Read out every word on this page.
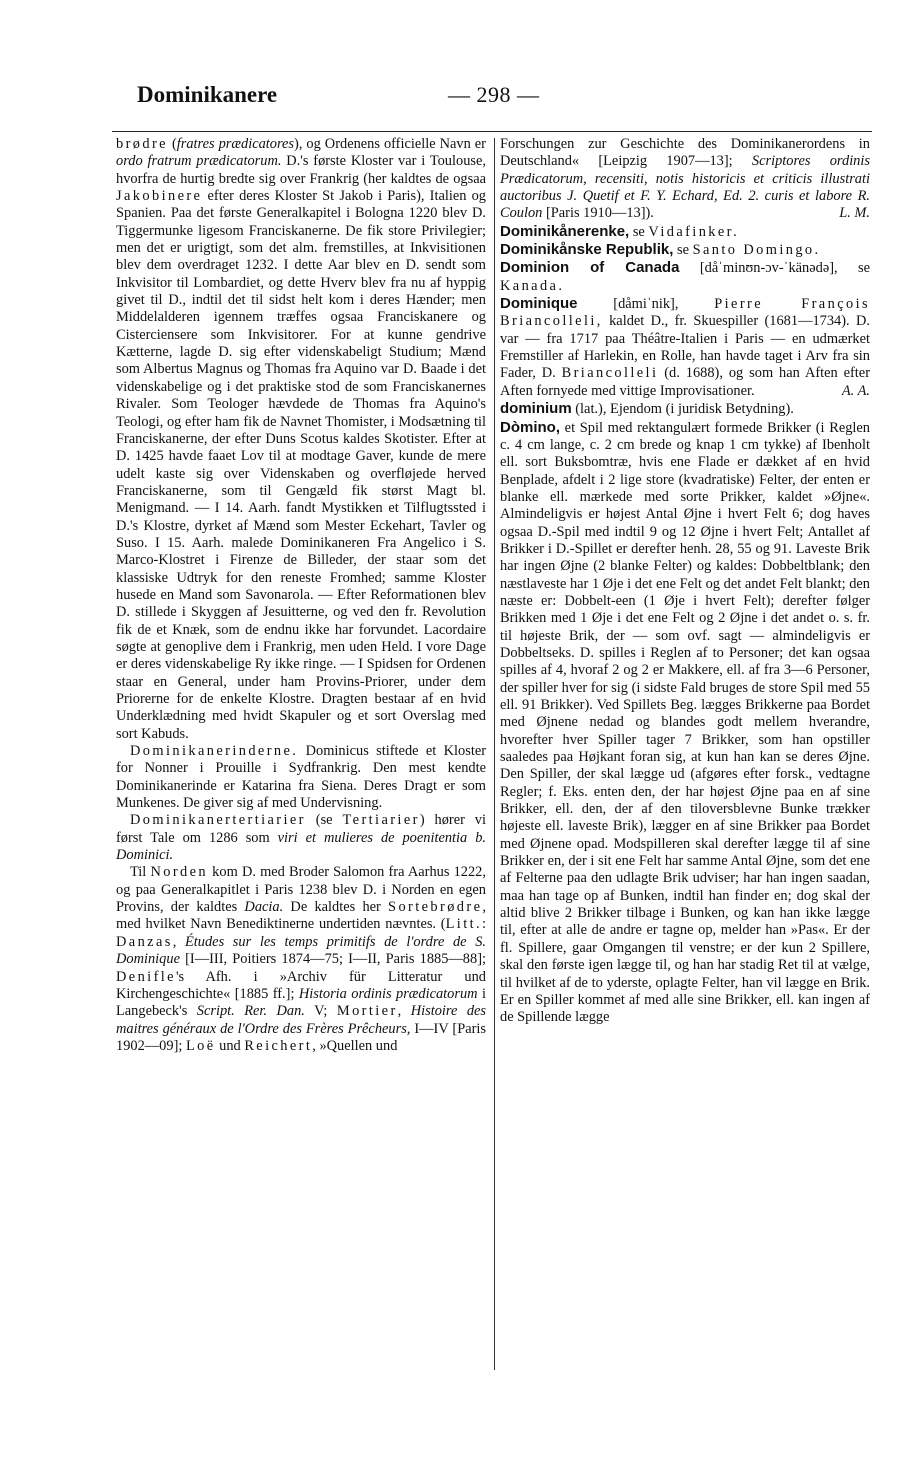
Dominikanere	— 298 —

brødre (fratres prædicatores), og Ordenens officielle Navn er ordo fratrum prædicatorum. D.'s første Kloster var i Toulouse, hvorfra de hurtig bredte sig over Frankrig (her kaldtes de ogsaa Jakobinere efter deres Kloster St Jakob i Paris), Italien og Spanien. Paa det første Generalkapitel i Bologna 1220 blev D. Tiggermunke ligesom Franciskanerne. De fik store Privilegier; men det er urigtigt, som det alm. fremstilles, at Inkvisitionen blev dem overdraget 1232. I dette Aar blev en D. sendt som Inkvisitor til Lombardiet, og dette Hverv blev fra nu af hyppig givet til D., indtil det til sidst helt kom i deres Hænder; men Middelalderen igennem træffes ogsaa Franciskanere og Cisterciensere som Inkvisitorer. For at kunne gendrive Kætterne, lagde D. sig efter videnskabeligt Studium; Mænd som Albertus Magnus og Thomas fra Aquino var D. Baade i det videnskabelige og i det praktiske stod de som Franciskanernes Rivaler. Som Teologer hævdede de Thomas fra Aquino's Teologi, og efter ham fik de Navnet Thomister, i Modsætning til Franciskanerne, der efter Duns Scotus kaldes Skotister. Efter at D. 1425 havde faaet Lov til at modtage Gaver, kunde de mere udelt kaste sig over Videnskaben og overfløjede herved Franciskanerne, som til Gengæld fik størst Magt bl. Menigmand. — I 14. Aarh. fandt Mystikken et Tilflugtssted i D.'s Klostre, dyrket af Mænd som Mester Eckehart, Tavler og Suso. I 15. Aarh. malede Dominikaneren Fra Angelico i S. Marco-Klostret i Firenze de Billeder, der staar som det klassiske Udtryk for den reneste Fromhed; samme Kloster husede en Mand som Savonarola. — Efter Reformationen blev D. stillede i Skyggen af Jesuitterne, og ved den fr. Revolution fik de et Knæk, som de endnu ikke har forvundet. Lacordaire søgte at genoplive dem i Frankrig, men uden Held. I vore Dage er deres videnskabelige Ry ikke ringe. — I Spidsen for Ordenen staar en General, under ham Provins-Priorer, under dem Priorerne for de enkelte Klostre. Dragten bestaar af en hvid Underklædning med hvidt Skapuler og et sort Overslag med sort Kabuds.

Dominikanerinderne. Dominicus stiftede et Kloster for Nonner i Prouille i Sydfrankrig. Den mest kendte Dominikanerinde er Katarina fra Siena. Deres Dragt er som Munkenes. De giver sig af med Undervisning.

Dominikanertertiarier (se Tertiarier) hører vi først Tale om 1286 som viri et mulieres de poenitentia b. Dominici.

Til Norden kom D. med Broder Salomon fra Aarhus 1222, og paa Generalkapitlet i Paris 1238 blev D. i Norden en egen Provins, der kaldtes Dacia. De kaldtes her Sortebrødre, med hvilket Navn Benediktinerne undertiden nævntes. (Litt.: Danzas, Études sur les temps primitifs de l'ordre de S. Dominique [I—III, Poitiers 1874—75; I—II, Paris 1885—88]; Denifle's Afh. i »Archiv für Litteratur und Kirchengeschichte« [1885 ff.]; Historia ordinis prædicatorum i Langebeck's Script. Rer. Dan. V; Mortier, Histoire des maitres généraux de l'Ordre des Frères Prêcheurs, I—IV [Paris 1902—09]; Loë und Reichert, »Quellen und

Forschungen zur Geschichte des Dominikanerordens in Deutschland« [Leipzig 1907—13]; Scriptores ordinis Prædicatorum, recensiti, notis historicis et criticis illustrati auctoribus J. Quetif et F. Y. Echard, Ed. 2. curis et labore R. Coulon [Paris 1910—13]).	L. M.

Dominikånerenke, se Vidafinker.

Dominikånske Republik, se Santo Domingo.

Dominion of Canada [dåˈminʊn-ɔv-ˈkänədə], se Kanada.

Dominique [dåmiˈnik], Pierre François Briancolleli, kaldet D., fr. Skuespiller (1681—1734). D. var — fra 1717 paa Théâtre-Italien i Paris — en udmærket Fremstiller af Harlekin, en Rolle, han havde taget i Arv fra sin Fader, D. Briancolleli (d. 1688), og som han Aften efter Aften fornyede med vittige Improvisationer.	A. A.

dominium (lat.), Ejendom (i juridisk Betydning).

Dòmino, et Spil med rektangulært formede Brikker (i Reglen c. 4 cm lange, c. 2 cm brede og knap 1 cm tykke) af Ibenholt ell. sort Buksbomtræ, hvis ene Flade er dækket af en hvid Benplade, afdelt i 2 lige store (kvadratiske) Felter, der enten er blanke ell. mærkede med sorte Prikker, kaldet »Øjne«. Almindeligvis er højest Antal Øjne i hvert Felt 6; dog haves ogsaa D.-Spil med indtil 9 og 12 Øjne i hvert Felt; Antallet af Brikker i D.-Spillet er derefter henh. 28, 55 og 91. Laveste Brik har ingen Øjne (2 blanke Felter) og kaldes: Dobbeltblank; den næstlaveste har 1 Øje i det ene Felt og det andet Felt blankt; den næste er: Dobbelt-een (1 Øje i hvert Felt); derefter følger Brikken med 1 Øje i det ene Felt og 2 Øjne i det andet o. s. fr. til højeste Brik, der — som ovf. sagt — almindeligvis er Dobbeltseks. D. spilles i Reglen af to Personer; det kan ogsaa spilles af 4, hvoraf 2 og 2 er Makkere, ell. af fra 3—6 Personer, der spiller hver for sig (i sidste Fald bruges de store Spil med 55 ell. 91 Brikker). Ved Spillets Beg. lægges Brikkerne paa Bordet med Øjnene nedad og blandes godt mellem hverandre, hvorefter hver Spiller tager 7 Brikker, som han opstiller saaledes paa Højkant foran sig, at kun han kan se deres Øjne. Den Spiller, der skal lægge ud (afgøres efter forsk., vedtagne Regler; f. Eks. enten den, der har højest Øjne paa en af sine Brikker, ell. den, der af den tiloversblevne Bunke trækker højeste ell. laveste Brik), lægger en af sine Brikker paa Bordet med Øjnene opad. Modspilleren skal derefter lægge til af sine Brikker en, der i sit ene Felt har samme Antal Øjne, som det ene af Felterne paa den udlagte Brik udviser; har han ingen saadan, maa han tage op af Bunken, indtil han finder en; dog skal der altid blive 2 Brikker tilbage i Bunken, og kan han ikke lægge til, efter at alle de andre er tagne op, melder han »Pas«. Er der fl. Spillere, gaar Omgangen til venstre; er der kun 2 Spillere, skal den første igen lægge til, og han har stadig Ret til at vælge, til hvilket af de to yderste, oplagte Felter, han vil lægge en Brik. Er en Spiller kommet af med alle sine Brikker, ell. kan ingen af de Spillende lægge
